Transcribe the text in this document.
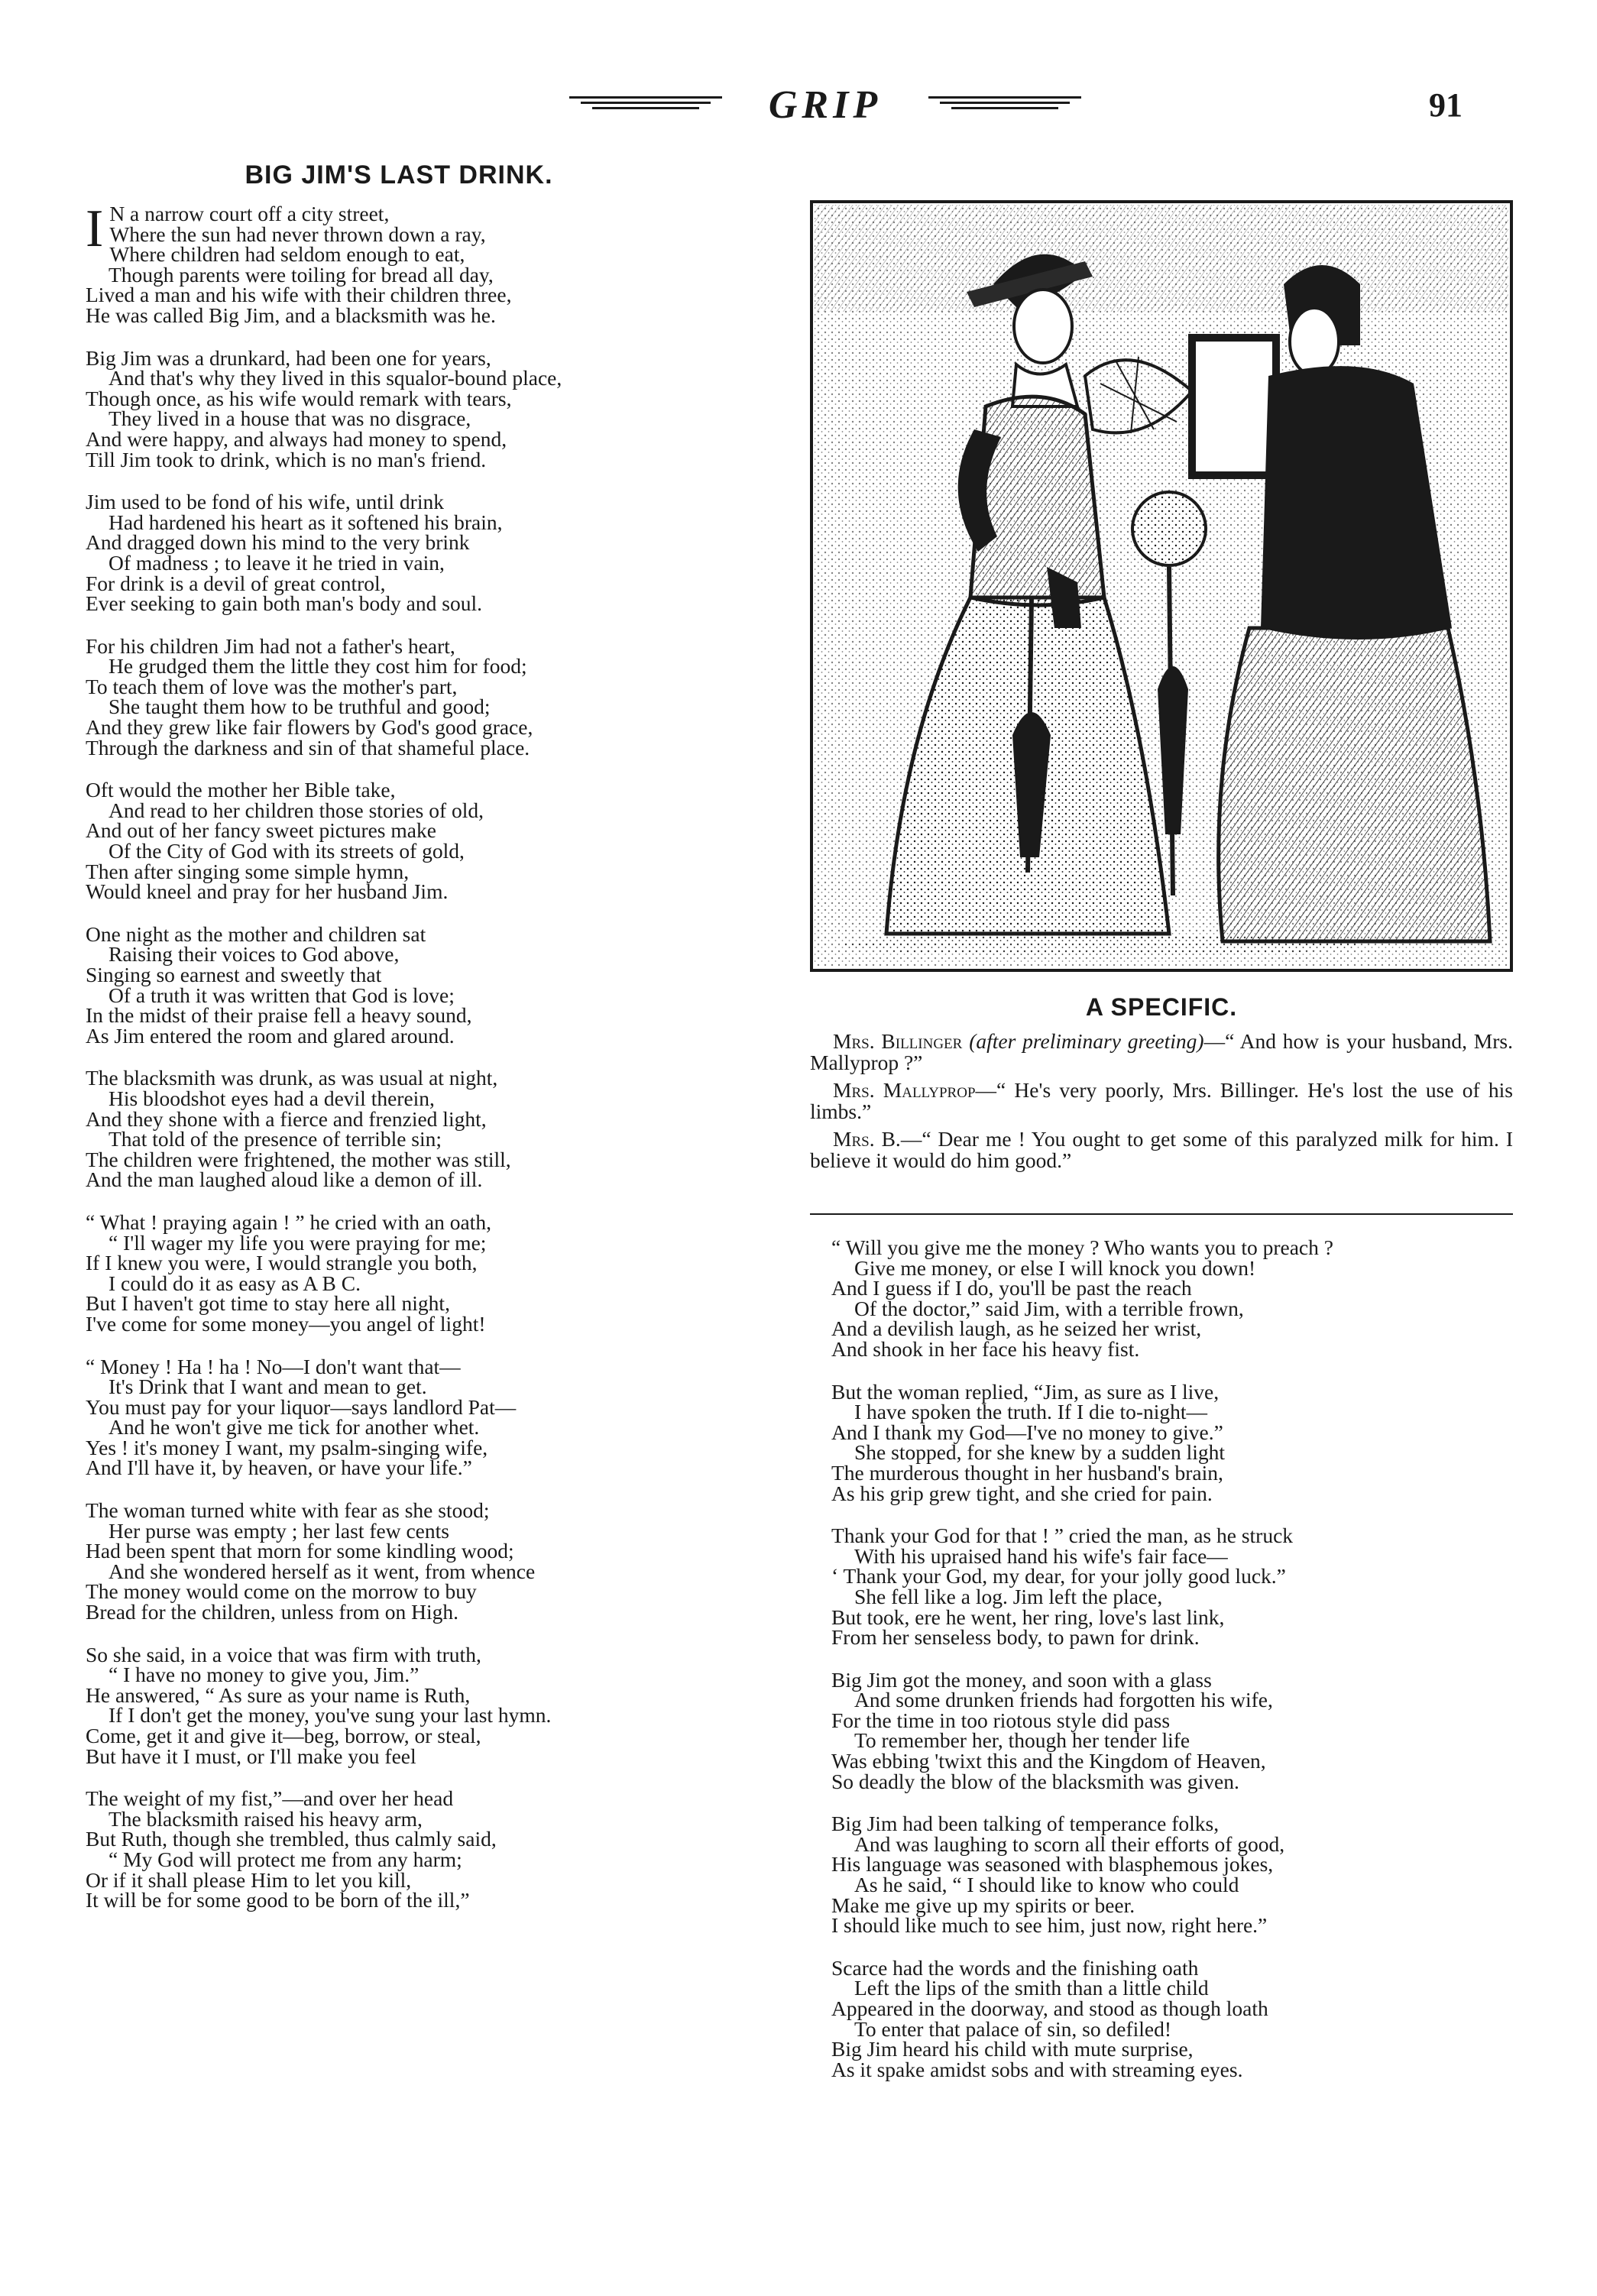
GRIP	91
BIG JIM'S LAST DRINK.
I N a narrow court off a city street,
Where the sun had never thrown down a ray,
Where children had seldom enough to eat,
Though parents were toiling for bread all day,
Lived a man and his wife with their children three,
He was called Big Jim, and a blacksmith was he.
Big Jim was a drunkard, had been one for years,
And that's why they lived in this squalor-bound place,
Though once, as his wife would remark with tears,
They lived in a house that was no disgrace,
And were happy, and always had money to spend,
Till Jim took to drink, which is no man's friend.
Jim used to be fond of his wife, until drink
Had hardened his heart as it softened his brain,
And dragged down his mind to the very brink
Of madness ; to leave it he tried in vain,
For drink is a devil of great control,
Ever seeking to gain both man's body and soul.
For his children Jim had not a father's heart,
He grudged them the little they cost him for food;
To teach them of love was the mother's part,
She taught them how to be truthful and good;
And they grew like fair flowers by God's good grace,
Through the darkness and sin of that shameful place.
Oft would the mother her Bible take,
And read to her children those stories of old,
And out of her fancy sweet pictures make
Of the City of God with its streets of gold,
Then after singing some simple hymn,
Would kneel and pray for her husband Jim.
One night as the mother and children sat
Raising their voices to God above,
Singing so earnest and sweetly that
Of a truth it was written that God is love;
In the midst of their praise fell a heavy sound,
As Jim entered the room and glared around.
The blacksmith was drunk, as was usual at night,
His bloodshot eyes had a devil therein,
And they shone with a fierce and frenzied light,
That told of the presence of terrible sin;
The children were frightened, the mother was still,
And the man laughed aloud like a demon of ill.
“ What ! praying again ! ” he cried with an oath,
“ I'll wager my life you were praying for me;
If I knew you were, I would strangle you both,
I could do it as easy as A B C.
But I haven't got time to stay here all night,
I've come for some money—you angel of light!
“ Money ! Ha ! ha ! No—I don't want that—
It's Drink that I want and mean to get.
You must pay for your liquor—says landlord Pat—
And he won't give me tick for another whet.
Yes ! it's money I want, my psalm-singing wife,
And I'll have it, by heaven, or have your life.”
The woman turned white with fear as she stood;
Her purse was empty ; her last few cents
Had been spent that morn for some kindling wood;
And she wondered herself as it went, from whence
The money would come on the morrow to buy
Bread for the children, unless from on High.
So she said, in a voice that was firm with truth,
“ I have no money to give you, Jim.”
He answered, “ As sure as your name is Ruth,
If I don't get the money, you've sung your last hymn.
Come, get it and give it—beg, borrow, or steal,
But have it I must, or I'll make you feel
The weight of my fist,”—and over her head
The blacksmith raised his heavy arm,
But Ruth, though she trembled, thus calmly said,
“ My God will protect me from any harm;
Or if it shall please Him to let you kill,
It will be for some good to be born of the ill,”
A SPECIFIC.

Mrs. Billinger (after preliminary greeting)—“ And how is your husband, Mrs. Mallyprop ?”

Mrs. Mallyprop—“ He's very poorly, Mrs. Billinger. He's lost the use of his limbs.”

Mrs. B.—“ Dear me ! You ought to get some of this paralyzed milk for him. I believe it would do him good.”

“ Will you give me the money ? Who wants you to preach ?
Give me money, or else I will knock you down!
And I guess if I do, you'll be past the reach
Of the doctor,” said Jim, with a terrible frown,
And a devilish laugh, as he seized her wrist,
And shook in her face his heavy fist.
But the woman replied, “Jim, as sure as I live,
I have spoken the truth. If I die to-night—
And I thank my God—I've no money to give.”
She stopped, for she knew by a sudden light
The murderous thought in her husband's brain,
As his grip grew tight, and she cried for pain.
Thank your God for that ! ” cried the man, as he struck
With his upraised hand his wife's fair face—
‘ Thank your God, my dear, for your jolly good luck.”
She fell like a log. Jim left the place,
But took, ere he went, her ring, love's last link,
From her senseless body, to pawn for drink.
Big Jim got the money, and soon with a glass
And some drunken friends had forgotten his wife,
For the time in too riotous style did pass
To remember her, though her tender life
Was ebbing 'twixt this and the Kingdom of Heaven,
So deadly the blow of the blacksmith was given.
Big Jim had been talking of temperance folks,
And was laughing to scorn all their efforts of good,
His language was seasoned with blasphemous jokes,
As he said, “ I should like to know who could
Make me give up my spirits or beer.
I should like much to see him, just now, right here.”
Scarce had the words and the finishing oath
Left the lips of the smith than a little child
Appeared in the doorway, and stood as though loath
To enter that palace of sin, so defiled!
Big Jim heard his child with mute surprise,
As it spake amidst sobs and with streaming eyes.
